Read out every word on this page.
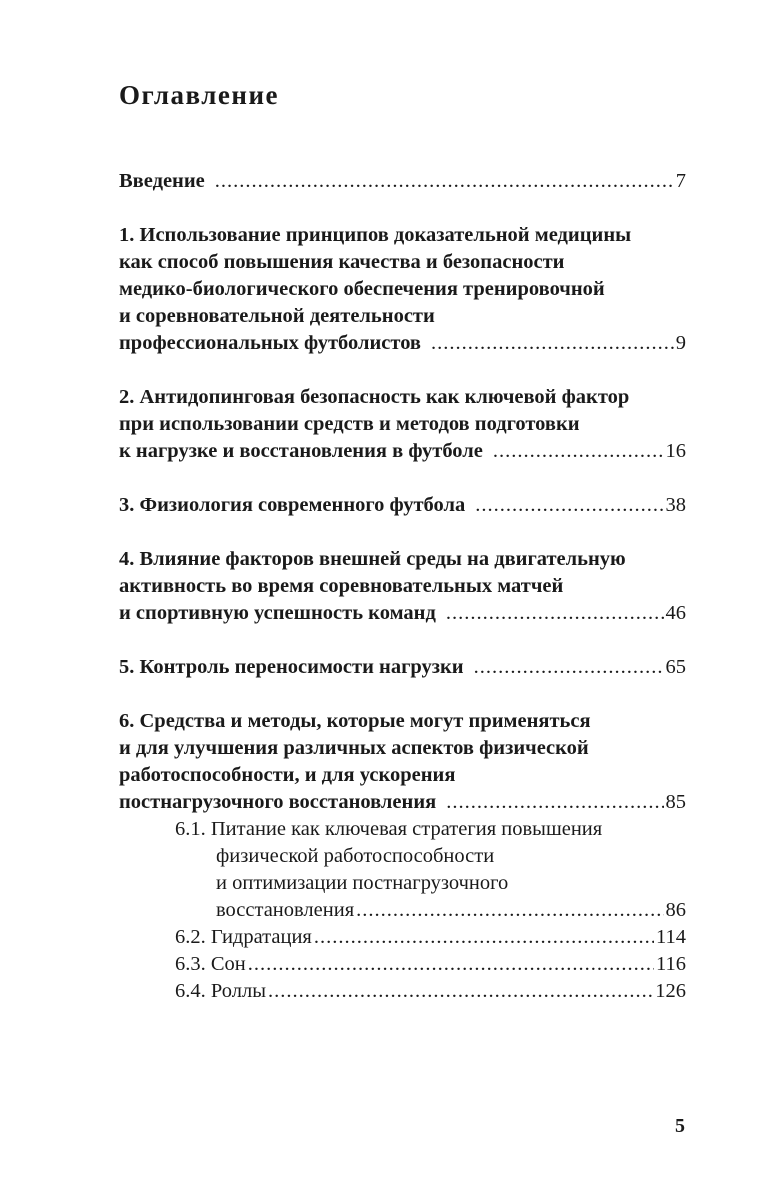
Оглавление
Введение .....	7
1. Использование принципов доказательной медицины
как способ повышения качества и безопасности
медико-биологического обеспечения тренировочной
и соревновательной деятельности
профессиональных футболистов .....	9
2. Антидопинговая безопасность как ключевой фактор
при использовании средств и методов подготовки
к нагрузке и восстановления в футболе .....	16
3. Физиология современного футбола .....	38
4. Влияние факторов внешней среды на двигательную
активность во время соревновательных матчей
и спортивную успешность команд .....	46
5. Контроль переносимости нагрузки .....	65
6. Средства и методы, которые могут применяться
и для улучшения различных аспектов физической
работоспособности, и для ускорения
постнагрузочного восстановления .....	85
6.1. Питание как ключевая стратегия повышения
физической работоспособности
и оптимизации постнагрузочного
восстановления .....	86
6.2. Гидратация .....	114
6.3. Сон .....	116
6.4. Роллы .....	126
5
